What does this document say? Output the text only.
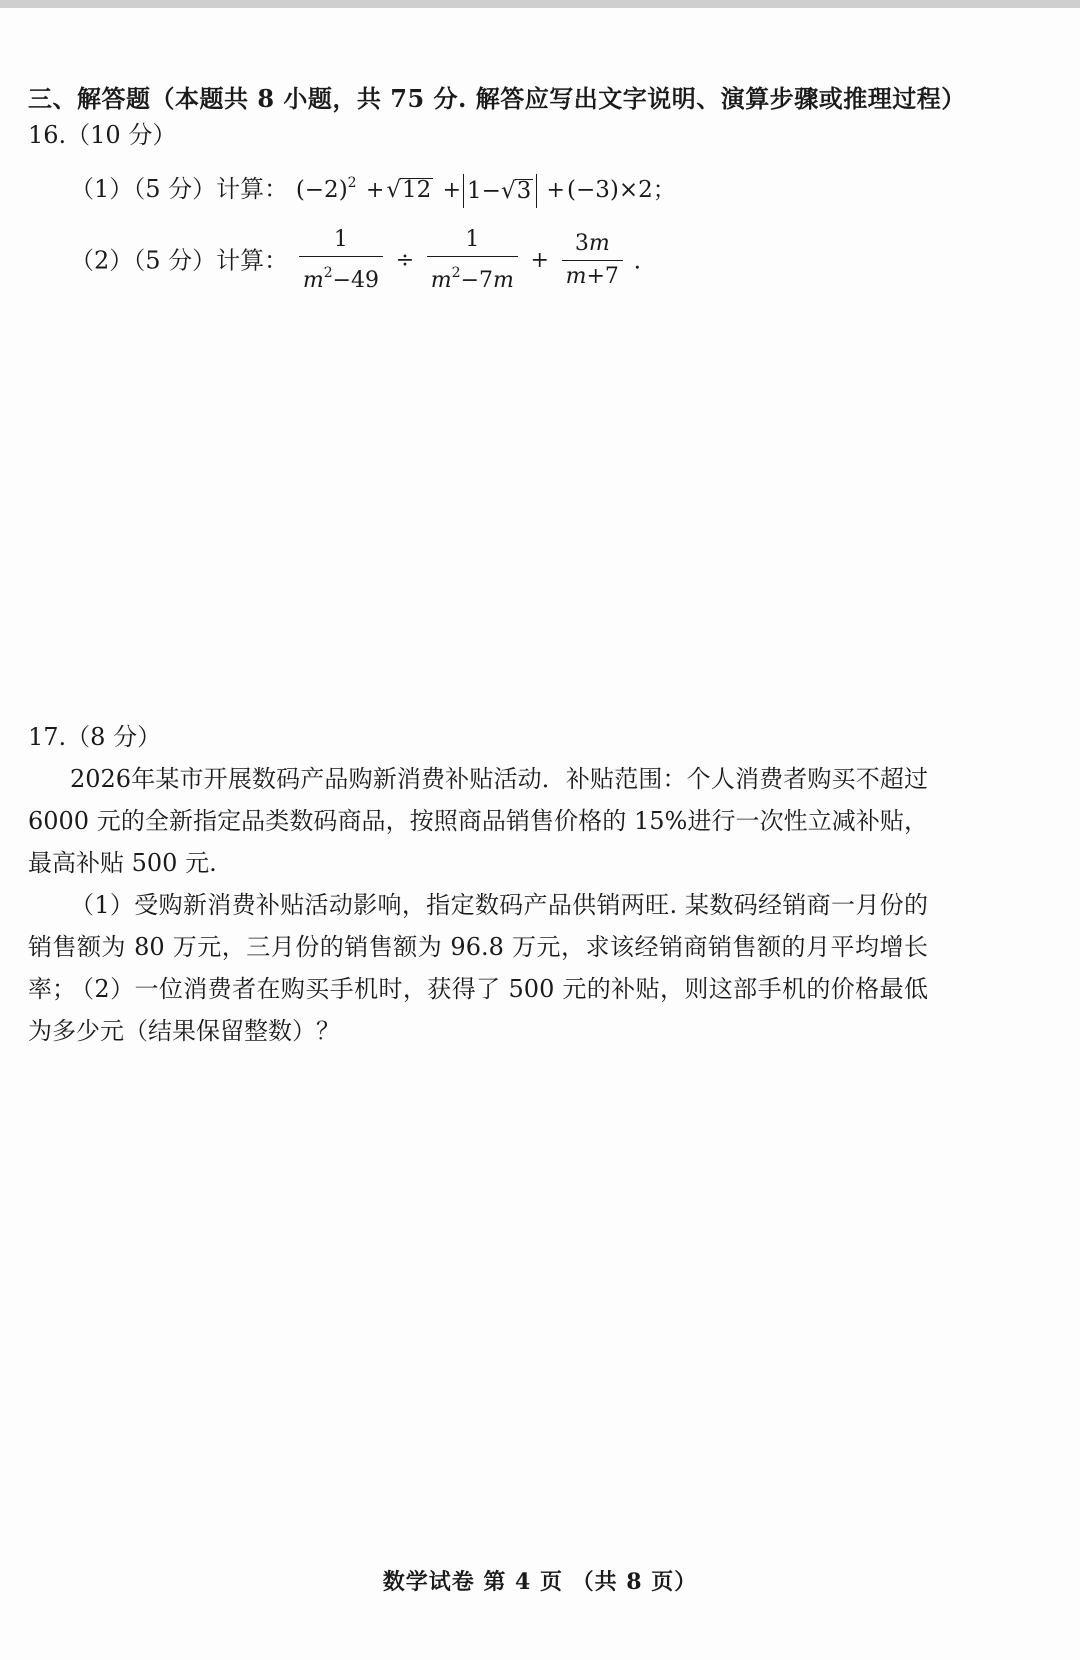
三、解答题（本题共 8 小题，共 75 分. 解答应写出文字说明、演算步骤或推理过程）
16.（10 分）
（1）（5 分）计算： $(-2)^2 +√12 + 1-√3 +(-3)\times 2$；
（2）（5 分）计算： $\frac{1}{m^2-49} \div \frac{1}{m^2-7m} + \frac{3m}{m+7}$ .
17.（8 分）
2026年某市开展数码产品购新消费补贴活动．补贴范围：个人消费者购买不超过6000 元的全新指定品类数码商品，按照商品销售价格的 15%进行一次性立减补贴，最高补贴 500 元.
（1）受购新消费补贴活动影响，指定数码产品供销两旺. 某数码经销商一月份的销售额为 80 万元，三月份的销售额为 96.8 万元，求该经销商销售额的月平均增长率；
（2）一位消费者在购买手机时，获得了 500 元的补贴，则这部手机的价格最低为多少元（结果保留整数）？
数学试卷 第 4 页 （共 8 页）
